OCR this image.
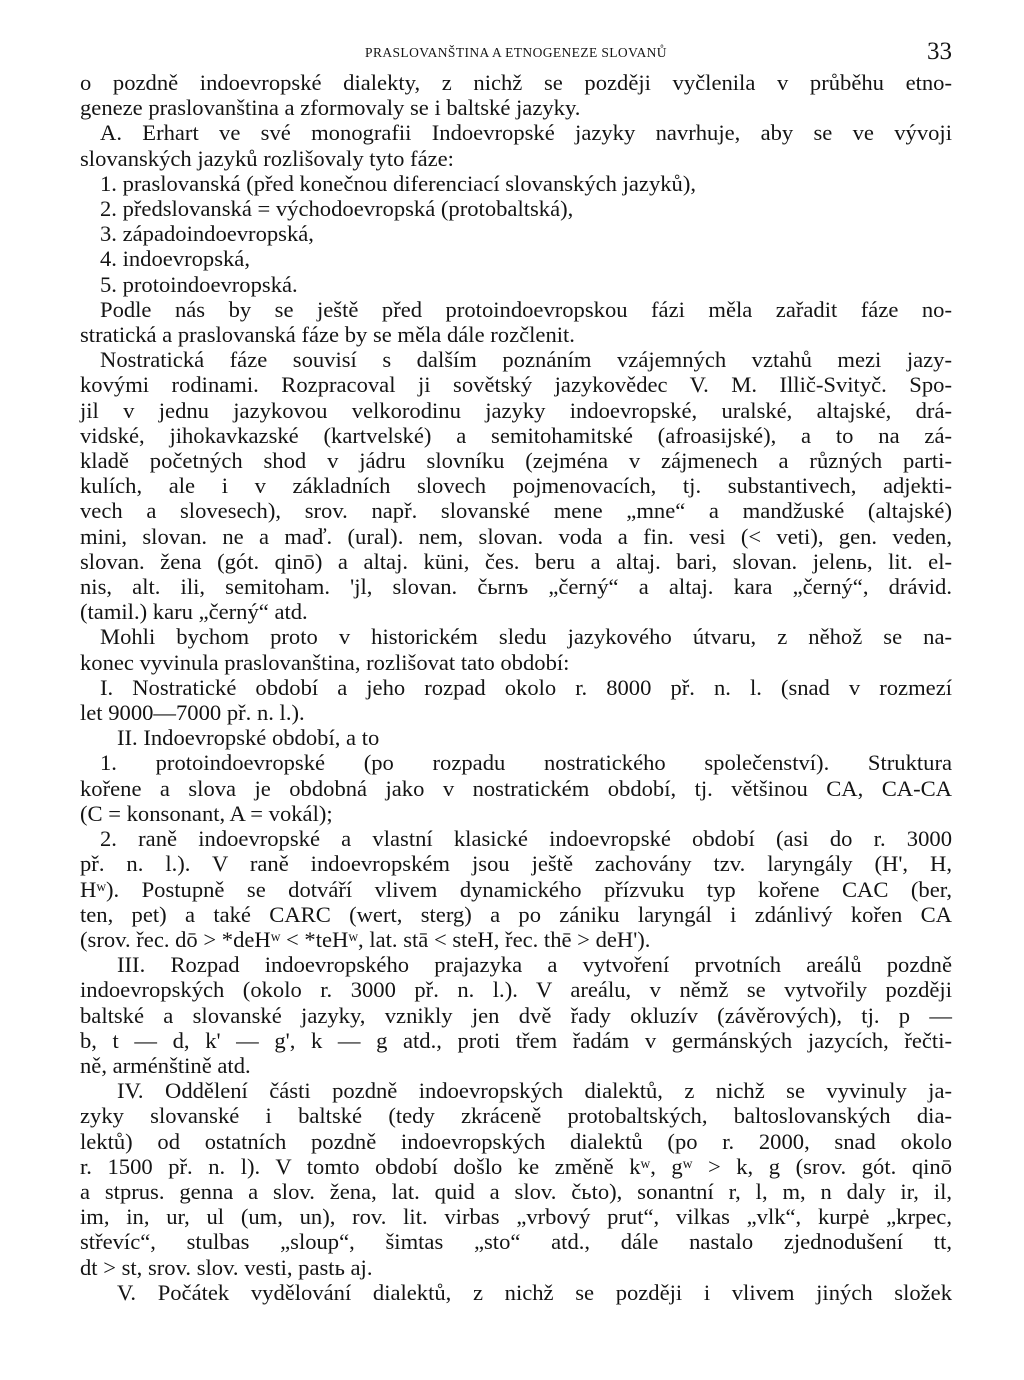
PRASLOVANŠTINA A ETNOGENEZE SLOVANŮ	33
o pozdně indoevropské dialekty, z nichž se později vyčlenila v průběhu etno-
geneze praslovanština a zformovaly se i baltské jazyky.
A. Erhart ve své monografii Indoevropské jazyky navrhuje, aby se ve vývoji
slovanských jazyků rozlišovaly tyto fáze:
1. praslovanská (před konečnou diferenciací slovanských jazyků),
2. předslovanská = východoevropská (protobaltská),
3. západoindoevropská,
4. indoevropská,
5. protoindoevropská.
Podle nás by se ještě před protoindoevropskou fázi měla zařadit fáze no-
stratická a praslovanská fáze by se měla dále rozčlenit.
Nostratická fáze souvisí s dalším poznáním vzájemných vztahů mezi jazy-
kovými rodinami. Rozpracoval ji sovětský jazykovědec V. M. Illič-Svityč. Spo-
jil v jednu jazykovou velkorodinu jazyky indoevropské, uralské, altajské, drá-
vidské, jihokavkazské (kartvelské) a semitohamitské (afroasijské), a to na zá-
kladě početných shod v jádru slovníku (zejména v zájmenech a různých parti-
kulích, ale i v základních slovech pojmenovacích, tj. substantivech, adjekti-
vech a slovesech), srov. např. slovanské mene „mne“ a mandžuské (altajské)
mini, slovan. ne a maď. (ural). nem, slovan. voda a fin. vesi (< veti), gen. veden,
slovan. žena (gót. qinō) a altaj. küni, čes. beru a altaj. bari, slovan. jelenь, lit. el-
nis, alt. ili, semitoham. 'jl, slovan. čьrnъ „černý“ a altaj. kara „černý“, drávid.
(tamil.) karu „černý“ atd.
Mohli bychom proto v historickém sledu jazykového útvaru, z něhož se na-
konec vyvinula praslovanština, rozlišovat tato období:
I. Nostratické období a jeho rozpad okolo r. 8000 př. n. l. (snad v rozmezí
let 9000—7000 př. n. l.).
II. Indoevropské období, a to
1. protoindoevropské (po rozpadu nostratického společenství). Struktura
kořene a slova je obdobná jako v nostratickém období, tj. většinou CA, CA-CA
(C = konsonant, A = vokál);
2. raně indoevropské a vlastní klasické indoevropské období (asi do r. 3000
př. n. l.). V raně indoevropském jsou ještě zachovány tzv. laryngály (H', H,
Hʷ). Postupně se dotváří vlivem dynamického přízvuku typ kořene CAC (ber,
ten, pet) a také CARC (wert, sterg) a po zániku laryngál i zdánlivý kořen CA
(srov. řec. dō > *deHʷ < *teHʷ, lat. stā < steH, řec. thē > deH').
III. Rozpad indoevropského prajazyka a vytvoření prvotních areálů pozdně
indoevropských (okolo r. 3000 př. n. l.). V areálu, v němž se vytvořily později
baltské a slovanské jazyky, vznikly jen dvě řady okluzív (závěrových), tj. p —
b, t — d, k' — g', k — g atd., proti třem řadám v germánských jazycích, řečti-
ně, arménštině atd.
IV. Oddělení části pozdně indoevropských dialektů, z nichž se vyvinuly ja-
zyky slovanské i baltské (tedy zkráceně protobaltských, baltoslovanských dia-
lektů) od ostatních pozdně indoevropských dialektů (po r. 2000, snad okolo
r. 1500 př. n. l). V tomto období došlo ke změně kʷ, gʷ > k, g (srov. gót. qinō
a stprus. genna a slov. žena, lat. quid a slov. čьto), sonantní r, l, m, n daly ir, il,
im, in, ur, ul (um, un), rov. lit. virbas „vrbový prut“, vilkas „vlk“, kurpė „krpec,
střevíc“, stulbas „sloup“, šimtas „sto“ atd., dále nastalo zjednodušení tt,
dt > st, srov. slov. vesti, pastь aj.
V. Počátek vydělování dialektů, z nichž se později i vlivem jiných složek
